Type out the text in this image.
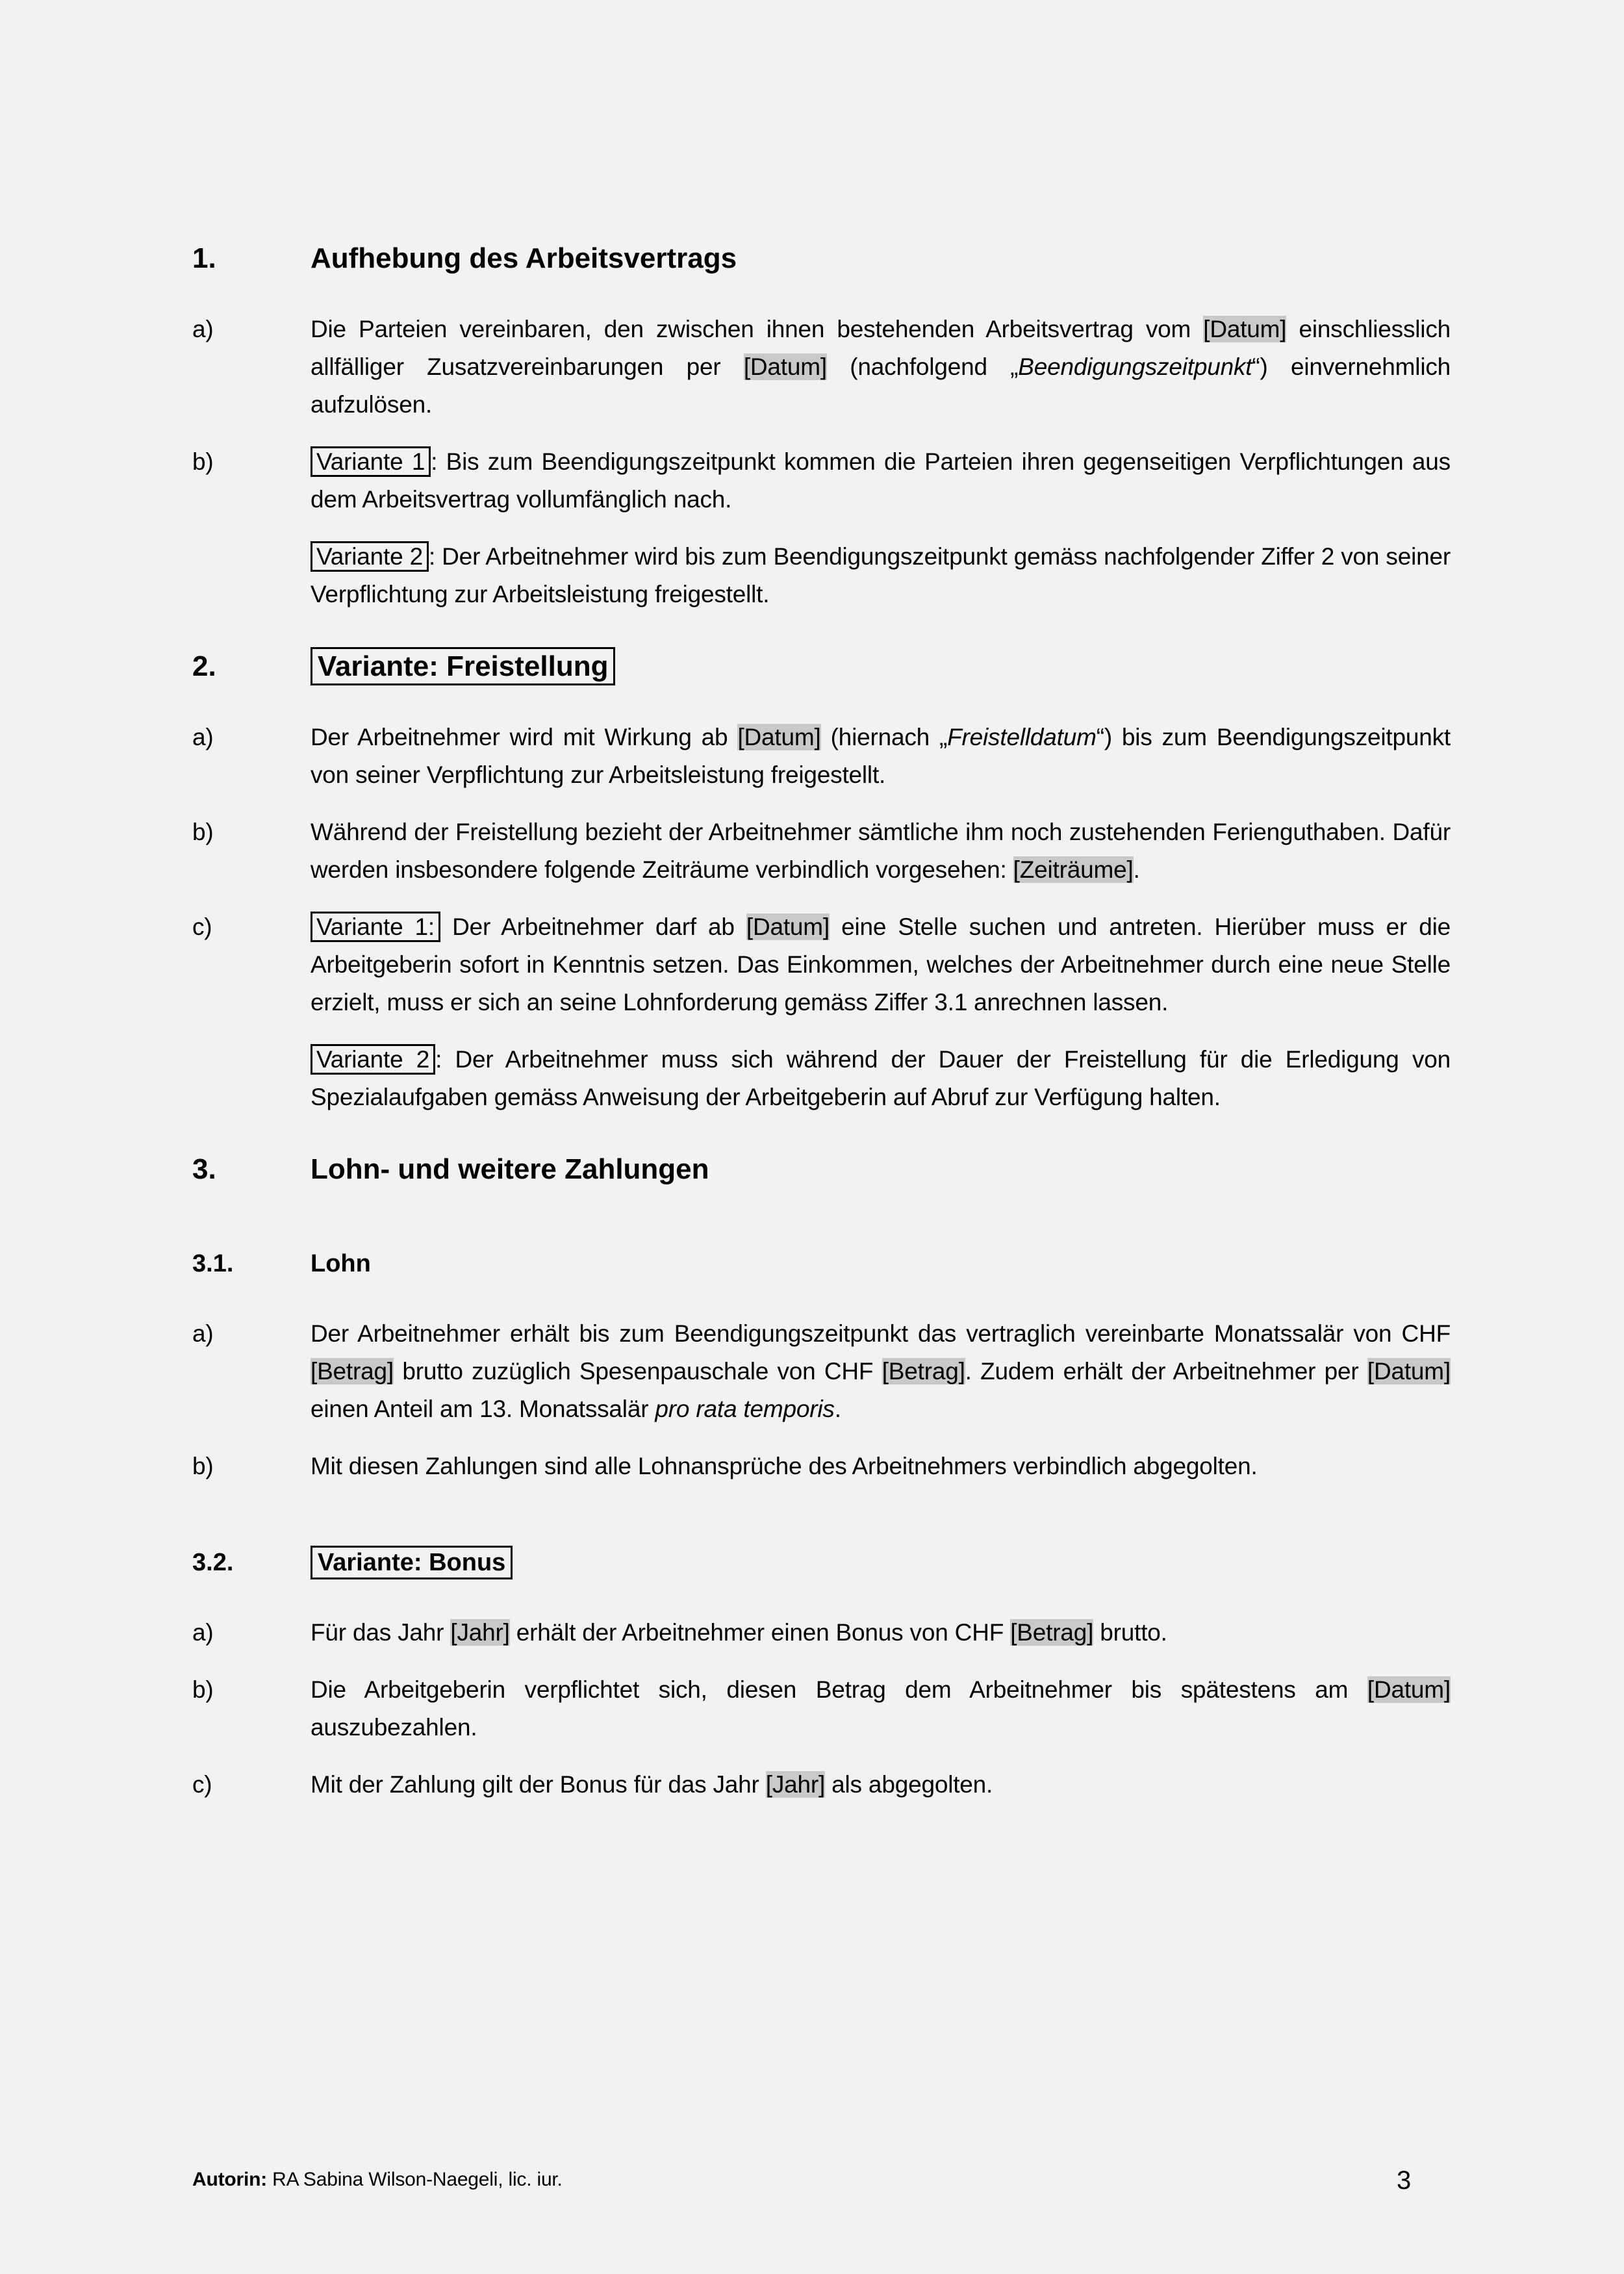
1.	Aufhebung des Arbeitsvertrags
a)	Die Parteien vereinbaren, den zwischen ihnen bestehenden Arbeitsvertrag vom [Datum] einschliesslich allfälliger Zusatzvereinbarungen per [Datum] (nachfolgend „Beendigungszeitpunkt“) einvernehmlich aufzulösen.
b)	Variante 1 : Bis zum Beendigungszeitpunkt kommen die Parteien ihren gegenseitigen Verpflichtungen aus dem Arbeitsvertrag vollumfänglich nach.
Variante 2 : Der Arbeitnehmer wird bis zum Beendigungszeitpunkt gemäss nachfolgender Ziffer 2 von seiner Verpflichtung zur Arbeitsleistung freigestellt.
2.	Variante: Freistellung
a)	Der Arbeitnehmer wird mit Wirkung ab [Datum] (hiernach „Freistelldatum“) bis zum Beendigungszeitpunkt von seiner Verpflichtung zur Arbeitsleistung freigestellt.
b)	Während der Freistellung bezieht der Arbeitnehmer sämtliche ihm noch zustehenden Ferienguthaben. Dafür werden insbesondere folgende Zeiträume verbindlich vorgesehen: [Zeiträume].
c)	Variante 1: Der Arbeitnehmer darf ab [Datum] eine Stelle suchen und antreten. Hierüber muss er die Arbeitgeberin sofort in Kenntnis setzen. Das Einkommen, welches der Arbeitnehmer durch eine neue Stelle erzielt, muss er sich an seine Lohnforderung gemäss Ziffer 3.1 anrechnen lassen.
Variante 2 : Der Arbeitnehmer muss sich während der Dauer der Freistellung für die Erledigung von Spezialaufgaben gemäss Anweisung der Arbeitgeberin auf Abruf zur Verfügung halten.
3.	Lohn- und weitere Zahlungen
3.1.	Lohn
a)	Der Arbeitnehmer erhält bis zum Beendigungszeitpunkt das vertraglich vereinbarte Monatssalär von CHF [Betrag] brutto zuzüglich Spesenpauschale von CHF [Betrag]. Zudem erhält der Arbeitnehmer per [Datum] einen Anteil am 13. Monatssalär pro rata temporis.
b)	Mit diesen Zahlungen sind alle Lohnansprüche des Arbeitnehmers verbindlich abgegolten.
3.2.	Variante: Bonus
a)	Für das Jahr [Jahr] erhält der Arbeitnehmer einen Bonus von CHF [Betrag] brutto.
b)	Die Arbeitgeberin verpflichtet sich, diesen Betrag dem Arbeitnehmer bis spätestens am [Datum] auszubezahlen.
c)	Mit der Zahlung gilt der Bonus für das Jahr [Jahr] als abgegolten.
Autorin: RA Sabina Wilson-Naegeli, lic. iur.	3
